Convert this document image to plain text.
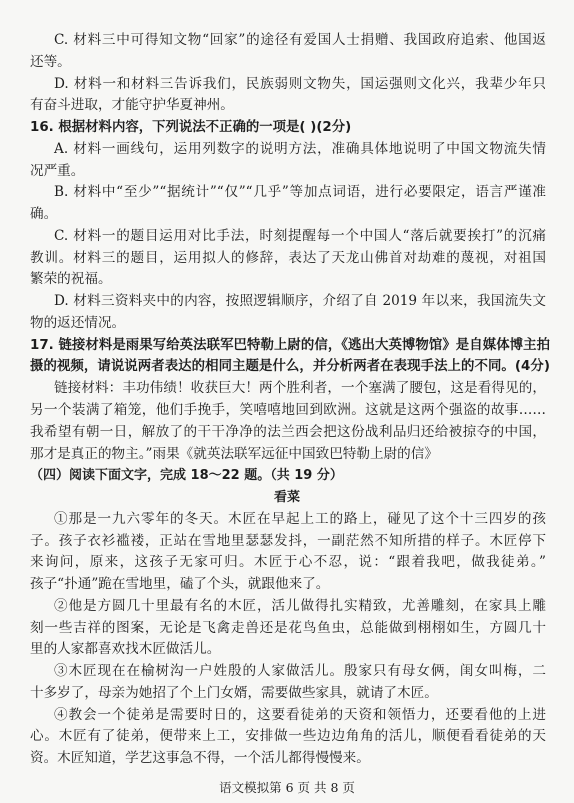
C. 材料三中可得知文物“回家”的途径有爱国人士捐赠、我国政府追索、他国返
还等。
D. 材料一和材料三告诉我们，民族弱则文物失，国运强则文化兴，我辈少年只
有奋斗进取，才能守护华夏神州。
16. 根据材料内容，下列说法不正确的一项是( )(2分)
A. 材料一画线句，运用列数字的说明方法，准确具体地说明了中国文物流失情
况严重。
B. 材料中“至少”“据统计”“仅”“几乎”等加点词语，进行必要限定，语言严谨准
确。
C. 材料一的题目运用对比手法，时刻提醒每一个中国人“落后就要挨打”的沉痛
教训。材料三的题目，运用拟人的修辞，表达了天龙山佛首对劫难的蔑视，对祖国
繁荣的祝福。
D. 材料三资料夹中的内容，按照逻辑顺序，介绍了自 2019 年以来，我国流失文
物的返还情况。
17. 链接材料是雨果写给英法联军巴特勒上尉的信，《逃出大英博物馆》是自媒体博主拍
摄的视频，请说说两者表达的相同主题是什么，并分析两者在表现手法上的不同。(4分)
链接材料：丰功伟绩！收获巨大！两个胜利者，一个塞满了腰包，这是看得见的，
另一个装满了箱笼，他们手挽手，笑嘻嘻地回到欧洲。这就是这两个强盗的故事……
我希望有朝一日，解放了的干干净净的法兰西会把这份战利品归还给被掠夺的中国，
那才是真正的物主。”雨果《就英法联军远征中国致巴特勒上尉的信》
（四）阅读下面文字，完成 18～22 题。（共 19 分）
看菜
①那是一九六零年的冬天。木匠在早起上工的路上，碰见了这个十三四岁的孩
子。孩子衣衫褴褛，正站在雪地里瑟瑟发抖，一副茫然不知所措的样子。木匠停下
来询问，原来，这孩子无家可归。木匠于心不忍，说：“跟着我吧，做我徒弟。”
孩子“扑通”跪在雪地里，磕了个头，就跟他来了。
②他是方圆几十里最有名的木匠，活儿做得扎实精致，尤善雕刻，在家具上雕
刻一些吉祥的图案，无论是飞禽走兽还是花鸟鱼虫，总能做到栩栩如生，方圆几十
里的人家都喜欢找木匠做活儿。
③木匠现在在榆树沟一户姓殷的人家做活儿。殷家只有母女俩，闺女叫梅，二
十多岁了，母亲为她招了个上门女婿，需要做些家具，就请了木匠。
语文模拟第 6 页 共 8 页
④教会一个徒弟是需要时日的，这要看徒弟的天资和领悟力，还要看他的上进
心。木匠有了徒弟，便带来上工，安排做一些边边角角的活儿，顺便看看徒弟的天
资。木匠知道，学艺这事急不得，一个活儿都得慢慢来。
